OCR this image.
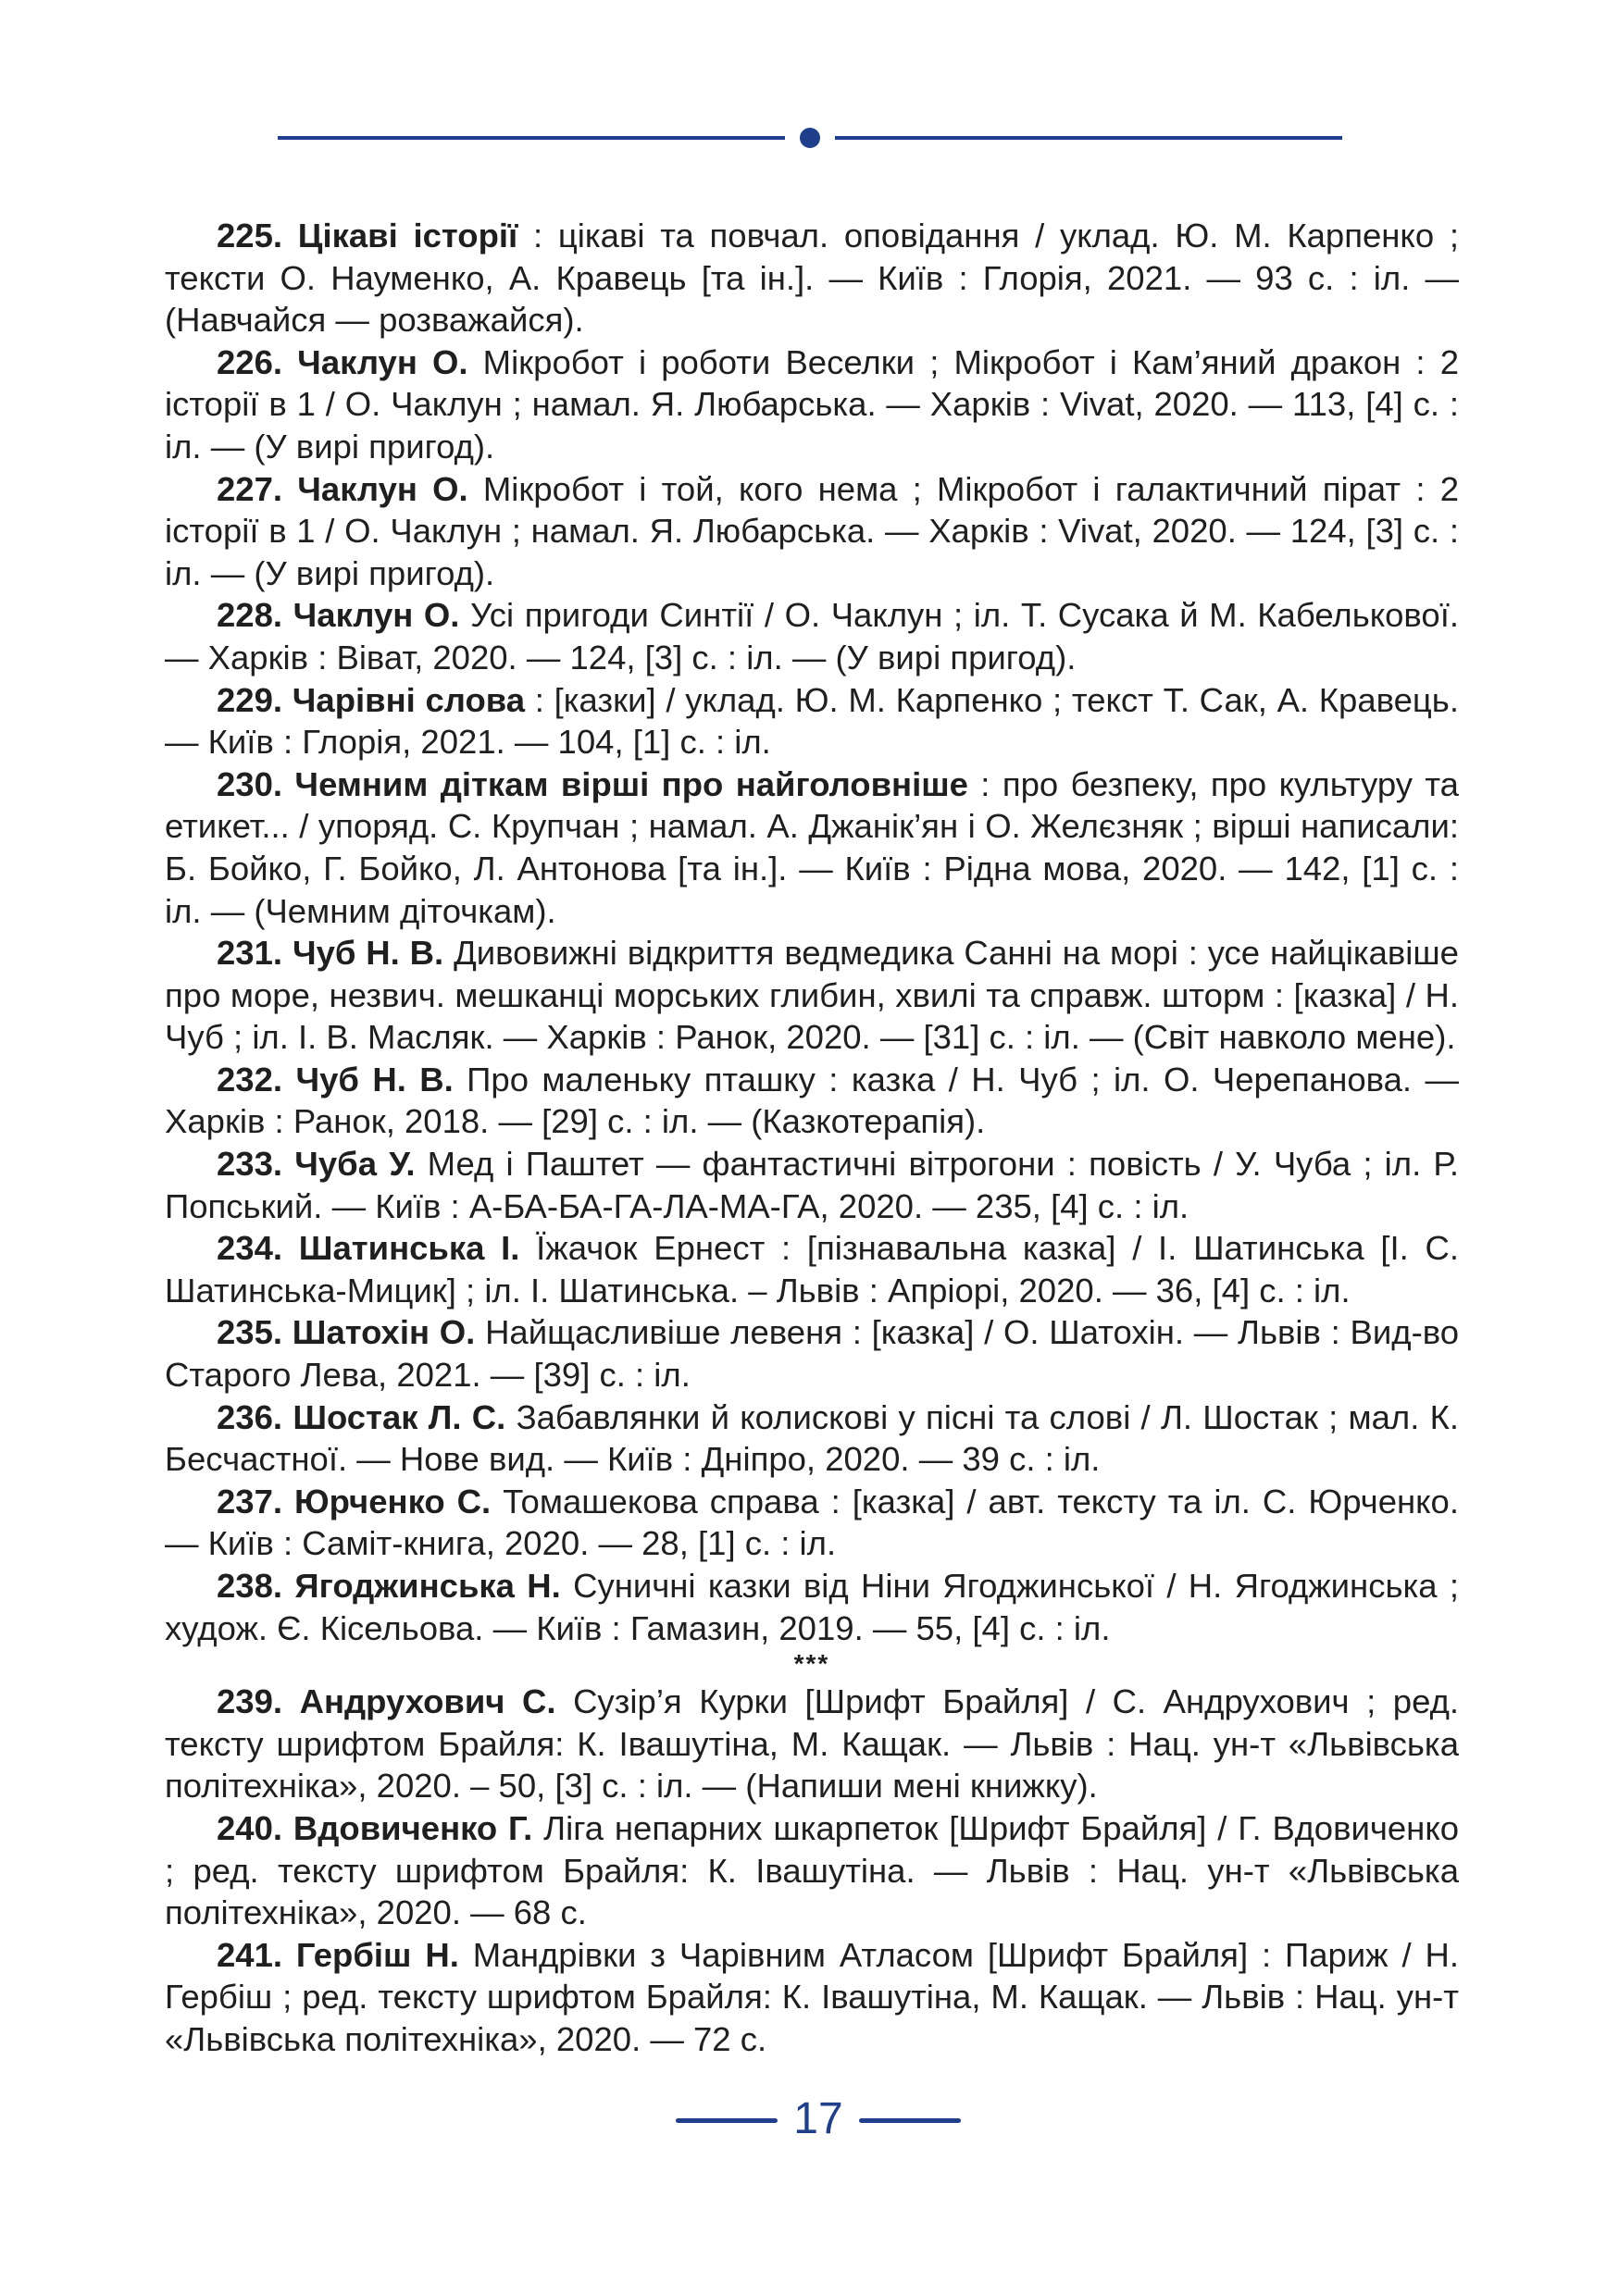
225. Цікаві історії : цікаві та повчал. оповідання / уклад. Ю. М. Карпенко ; тексти О. Науменко, А. Кравець [та ін.]. — Київ : Глорія, 2021. — 93 с. : іл. — (Навчайся — розважайся).

226. Чаклун О. Мікробот і роботи Веселки ; Мікробот і Кам’яний дракон : 2 історії в 1 / О. Чаклун ; намал. Я. Любарська. — Харків : Vivat, 2020. — 113, [4] с. : іл. — (У вирі пригод).

227. Чаклун О. Мікробот і той, кого нема ; Мікробот і галактичний пірат : 2 історії в 1 / О. Чаклун ; намал. Я. Любарська. — Харків : Vivat, 2020. — 124, [3] с. : іл. — (У вирі пригод).

228. Чаклун О. Усі пригоди Синтії / О. Чаклун ; іл. Т. Сусака й М. Кабелькової. — Харків : Віват, 2020. — 124, [3] с. : іл. — (У вирі пригод).

229. Чарівні слова : [казки] / уклад. Ю. М. Карпенко ; текст Т. Сак, А. Кравець. — Київ : Глорія, 2021. — 104, [1] с. : іл.

230. Чемним діткам вірші про найголовніше : про безпеку, про культуру та етикет... / упоряд. С. Крупчан ; намал. А. Джанік’ян і О. Желєзняк ; вірші написали: Б. Бойко, Г. Бойко, Л. Антонова [та ін.]. — Київ : Рідна мова, 2020. — 142, [1] с. : іл. — (Чемним діточкам).

231. Чуб Н. В. Дивовижні відкриття ведмедика Санні на морі : усе найцікавіше про море, незвич. мешканці морських глибин, хвилі та справж. шторм : [казка] / Н. Чуб ; іл. І. В. Масляк. — Харків : Ранок, 2020. — [31] с. : іл. — (Світ навколо мене).

232. Чуб Н. В. Про маленьку пташку : казка / Н. Чуб ; іл. О. Черепанова. — Харків : Ранок, 2018. — [29] с. : іл. — (Казкотерапія).

233. Чуба У. Мед і Паштет — фантастичні вітрогони : повість / У. Чуба ; іл. Р. Попський. — Київ : А-БА-БА-ГА-ЛА-МА-ГА, 2020. — 235, [4] с. : іл.

234. Шатинська І. Їжачок Ернест : [пізнавальна казка] / І. Шатинська [І. С. Шатинська-Мицик] ; іл. І. Шатинська. – Львів : Апріорі, 2020. — 36, [4] с. : іл.

235. Шатохін О. Найщасливіше левеня : [казка] / О. Шатохін. — Львів : Вид-во Старого Лева, 2021. — [39] с. : іл.

236. Шостак Л. С. Забавлянки й колискові у пісні та слові / Л. Шостак ; мал. К. Бесчастної. — Нове вид. — Київ : Дніпро, 2020. — 39 с. : іл.

237. Юрченко С. Томашекова справа : [казка] / авт. тексту та іл. С. Юрченко. — Київ : Саміт-книга, 2020. — 28, [1] с. : іл.

238. Ягоджинська Н. Суничні казки від Ніни Ягоджинської / Н. Ягоджинська ; худож. Є. Кісельова. — Київ : Гамазин, 2019. — 55, [4] с. : іл.

***

239. Андрухович С. Сузір’я Курки [Шрифт Брайля] / С. Андрухович ; ред. тексту шрифтом Брайля: К. Івашутіна, М. Кащак. — Львів : Нац. ун-т «Львівська політехніка», 2020. – 50, [3] с. : іл. — (Напиши мені книжку).

240. Вдовиченко Г. Ліга непарних шкарпеток [Шрифт Брайля] / Г. Вдовиченко ; ред. тексту шрифтом Брайля: К. Івашутіна. — Львів : Нац. ун-т «Львівська політехніка», 2020. — 68 с.

241. Гербіш Н. Мандрівки з Чарівним Атласом [Шрифт Брайля] : Париж / Н. Гербіш ; ред. тексту шрифтом Брайля: К. Івашутіна, М. Кащак. — Львів : Нац. ун-т «Львівська політехніка», 2020. — 72 с.

17
